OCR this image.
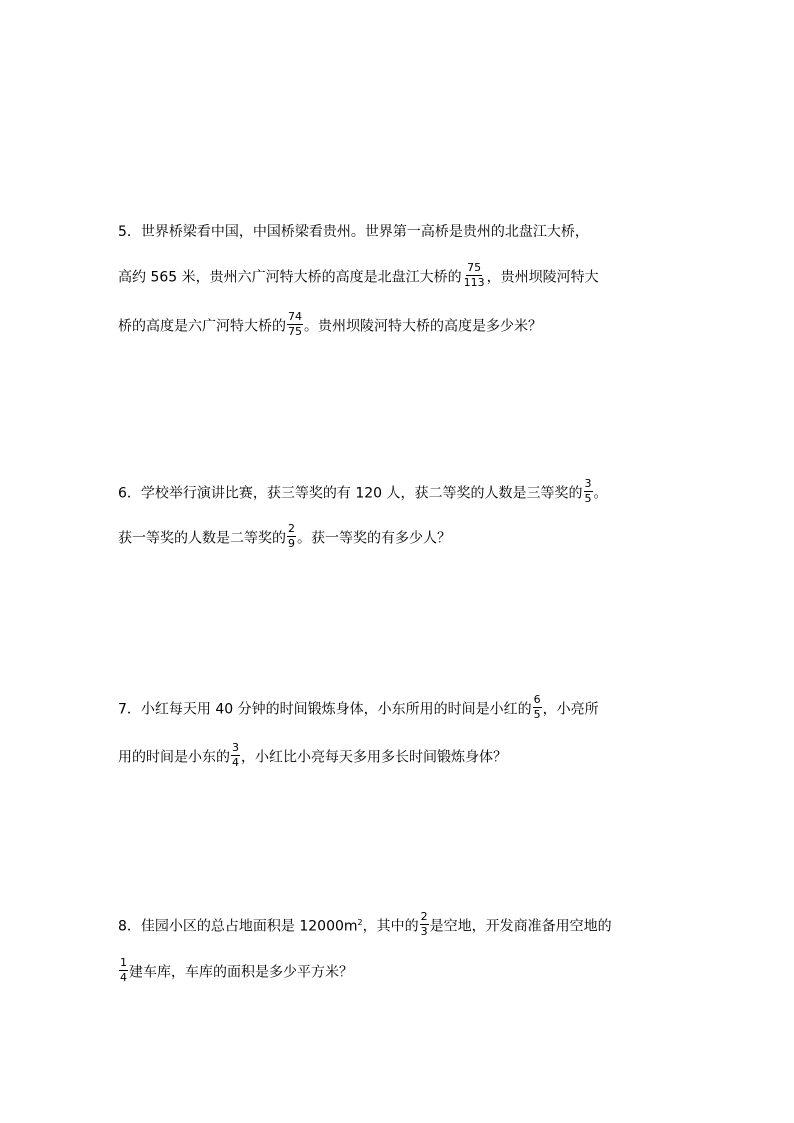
5．世界桥梁看中国，中国桥梁看贵州。世界第一高桥是贵州的北盘江大桥，
高约 565 米，贵州六广河特大桥的高度是北盘江大桥的 $\frac{75}{113}$ ，贵州坝陵河特大
桥的高度是六广河特大桥的 $\frac{74}{75}$ 。贵州坝陵河特大桥的高度是多少米？
6．学校举行演讲比赛，获三等奖的有 120 人，获二等奖的人数是三等奖的 $\frac{3}{5}$ 。
获一等奖的人数是二等奖的 $\frac{2}{9}$ 。获一等奖的有多少人？
7．小红每天用 40 分钟的时间锻炼身体，小东所用的时间是小红的 $\frac{6}{5}$ ，小亮所
用的时间是小东的 $\frac{3}{4}$ ，小红比小亮每天多用多长时间锻炼身体？
8．佳园小区的总占地面积是 $12000m^2$，其中的 $\frac{2}{3}$ 是空地，开发商准备用空地的
$\frac{1}{4}$ 建车库，车库的面积是多少平方米？
